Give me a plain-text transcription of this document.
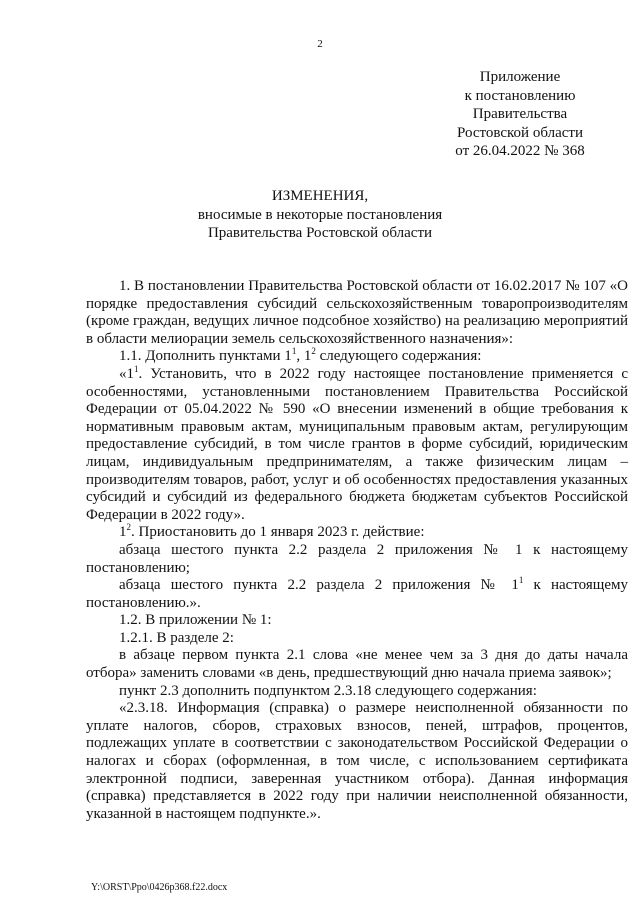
2
Приложение
к постановлению
Правительства
Ростовской области
от 26.04.2022 № 368
ИЗМЕНЕНИЯ,
вносимые в некоторые постановления
Правительства Ростовской области

1. В постановлении Правительства Ростовской области от 16.02.2017 № 107 «О порядке предоставления субсидий сельскохозяйственным товаропроизводителям (кроме граждан, ведущих личное подсобное хозяйство) на реализацию мероприятий в области мелиорации земель сельскохозяйственного назначения»:

1.1. Дополнить пунктами $1^1$, $1^2$ следующего содержания:

«$1^1$. Установить, что в 2022 году настоящее постановление применяется с особенностями, установленными постановлением Правительства Российской Федерации от 05.04.2022 № 590 «О внесении изменений в общие требования к нормативным правовым актам, муниципальным правовым актам, регулирующим предоставление субсидий, в том числе грантов в форме субсидий, юридическим лицам, индивидуальным предпринимателям, а также физическим лицам – производителям товаров, работ, услуг и об особенностях предоставления указанных субсидий и субсидий из федерального бюджета бюджетам субъектов Российской Федерации в 2022 году».

$1^2$. Приостановить до 1 января 2023 г. действие:

абзаца шестого пункта 2.2 раздела 2 приложения № 1 к настоящему постановлению;

абзаца шестого пункта 2.2 раздела 2 приложения № $1^1$ к настоящему постановлению.».

1.2. В приложении № 1:

1.2.1. В разделе 2:

в абзаце первом пункта 2.1 слова «не менее чем за 3 дня до даты начала отбора» заменить словами «в день, предшествующий дню начала приема заявок»;

пункт 2.3 дополнить подпунктом 2.3.18 следующего содержания:

«2.3.18. Информация (справка) о размере неисполненной обязанности по уплате налогов, сборов, страховых взносов, пеней, штрафов, процентов, подлежащих уплате в соответствии с законодательством Российской Федерации о налогах и сборах (оформленная, в том числе, с использованием сертификата электронной подписи, заверенная участником отбора). Данная информация (справка) представляется в 2022 году при наличии неисполненной обязанности, указанной в настоящем подпункте.».

Y:\ORST\Ppo\0426p368.f22.docx
